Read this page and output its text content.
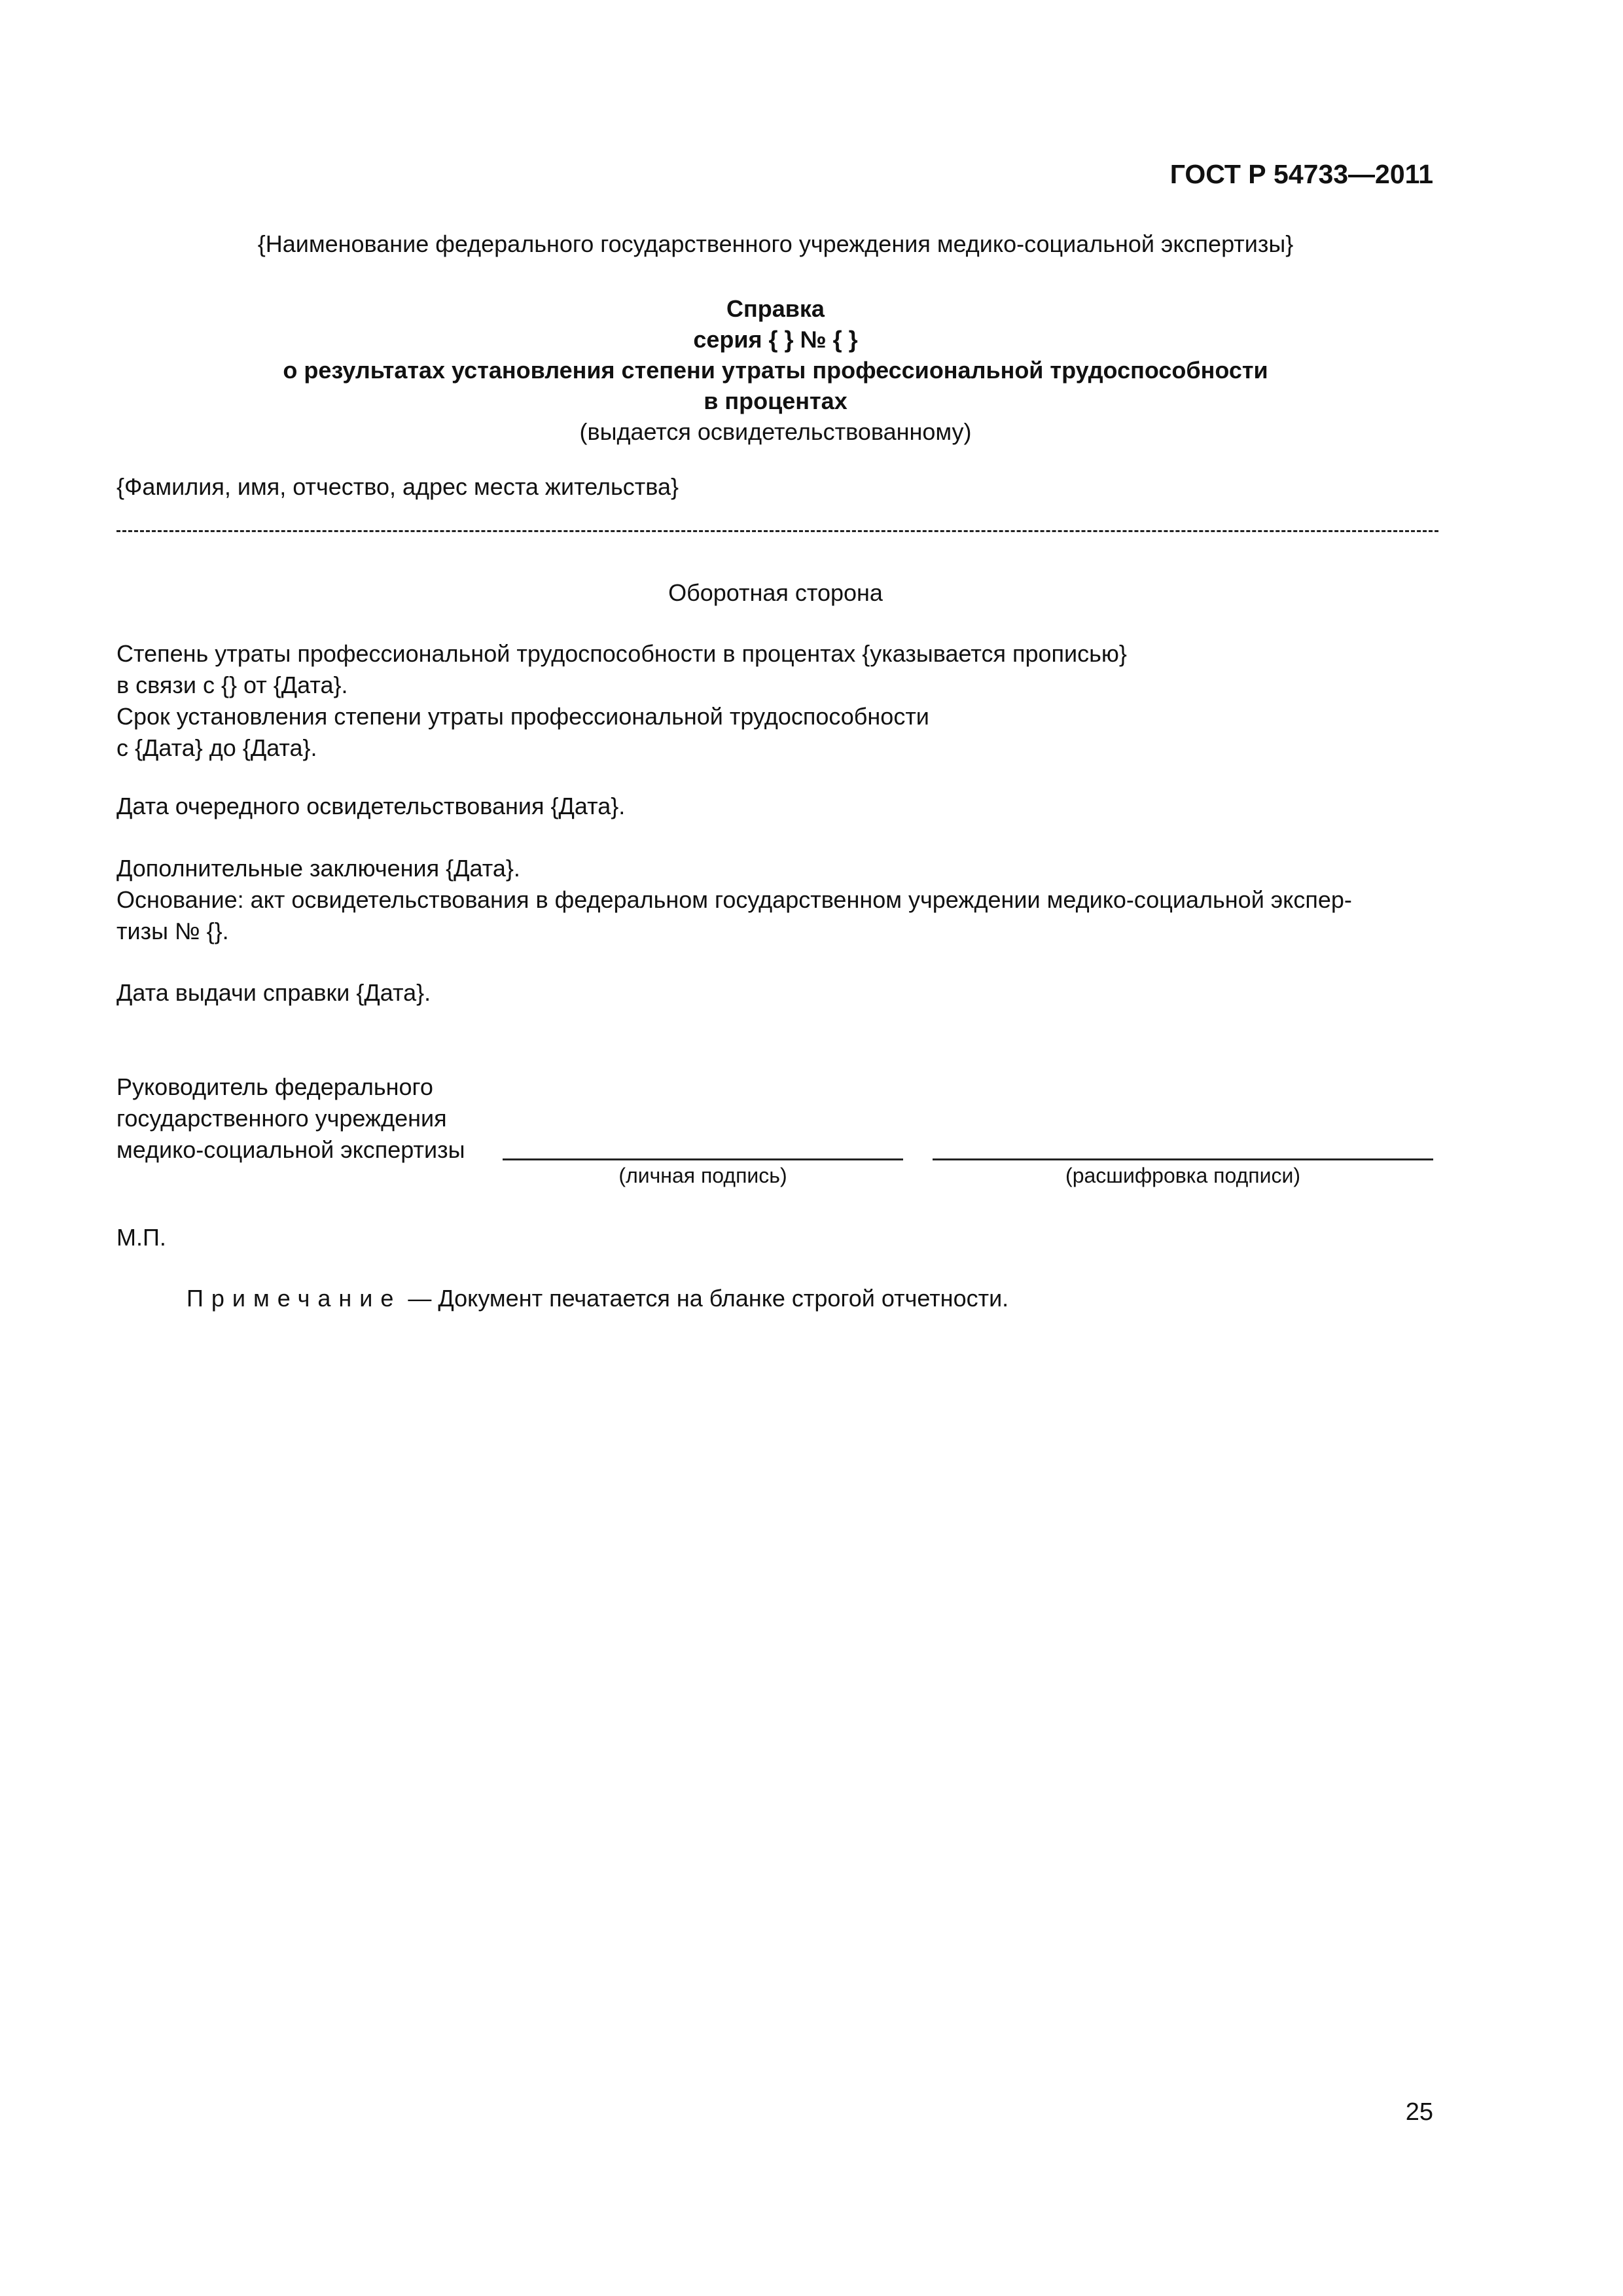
ГОСТ Р 54733—2011
{Наименование федерального государственного учреждения медико-социальной экспертизы}
Справка
серия { } № { }
о результатах установления степени утраты профессиональной трудоспособности
в процентах
(выдается освидетельствованному)
{Фамилия, имя, отчество, адрес места жительства}
Оборотная сторона
Степень утраты профессиональной трудоспособности в процентах {указывается прописью}
в связи с {} от {Дата}.
Срок установления степени утраты профессиональной трудоспособности
с {Дата} до {Дата}.
Дата очередного освидетельствования {Дата}.
Дополнительные заключения {Дата}.
Основание: акт освидетельствования в федеральном государственном учреждении медико-социальной экспер-
тизы № {}.
Дата выдачи справки {Дата}.
Руководитель федерального
государственного учреждения
медико-социальной экспертизы
(личная подпись)	(расшифровка подписи)
М.П.
Примечание — Документ печатается на бланке строгой отчетности.
25
